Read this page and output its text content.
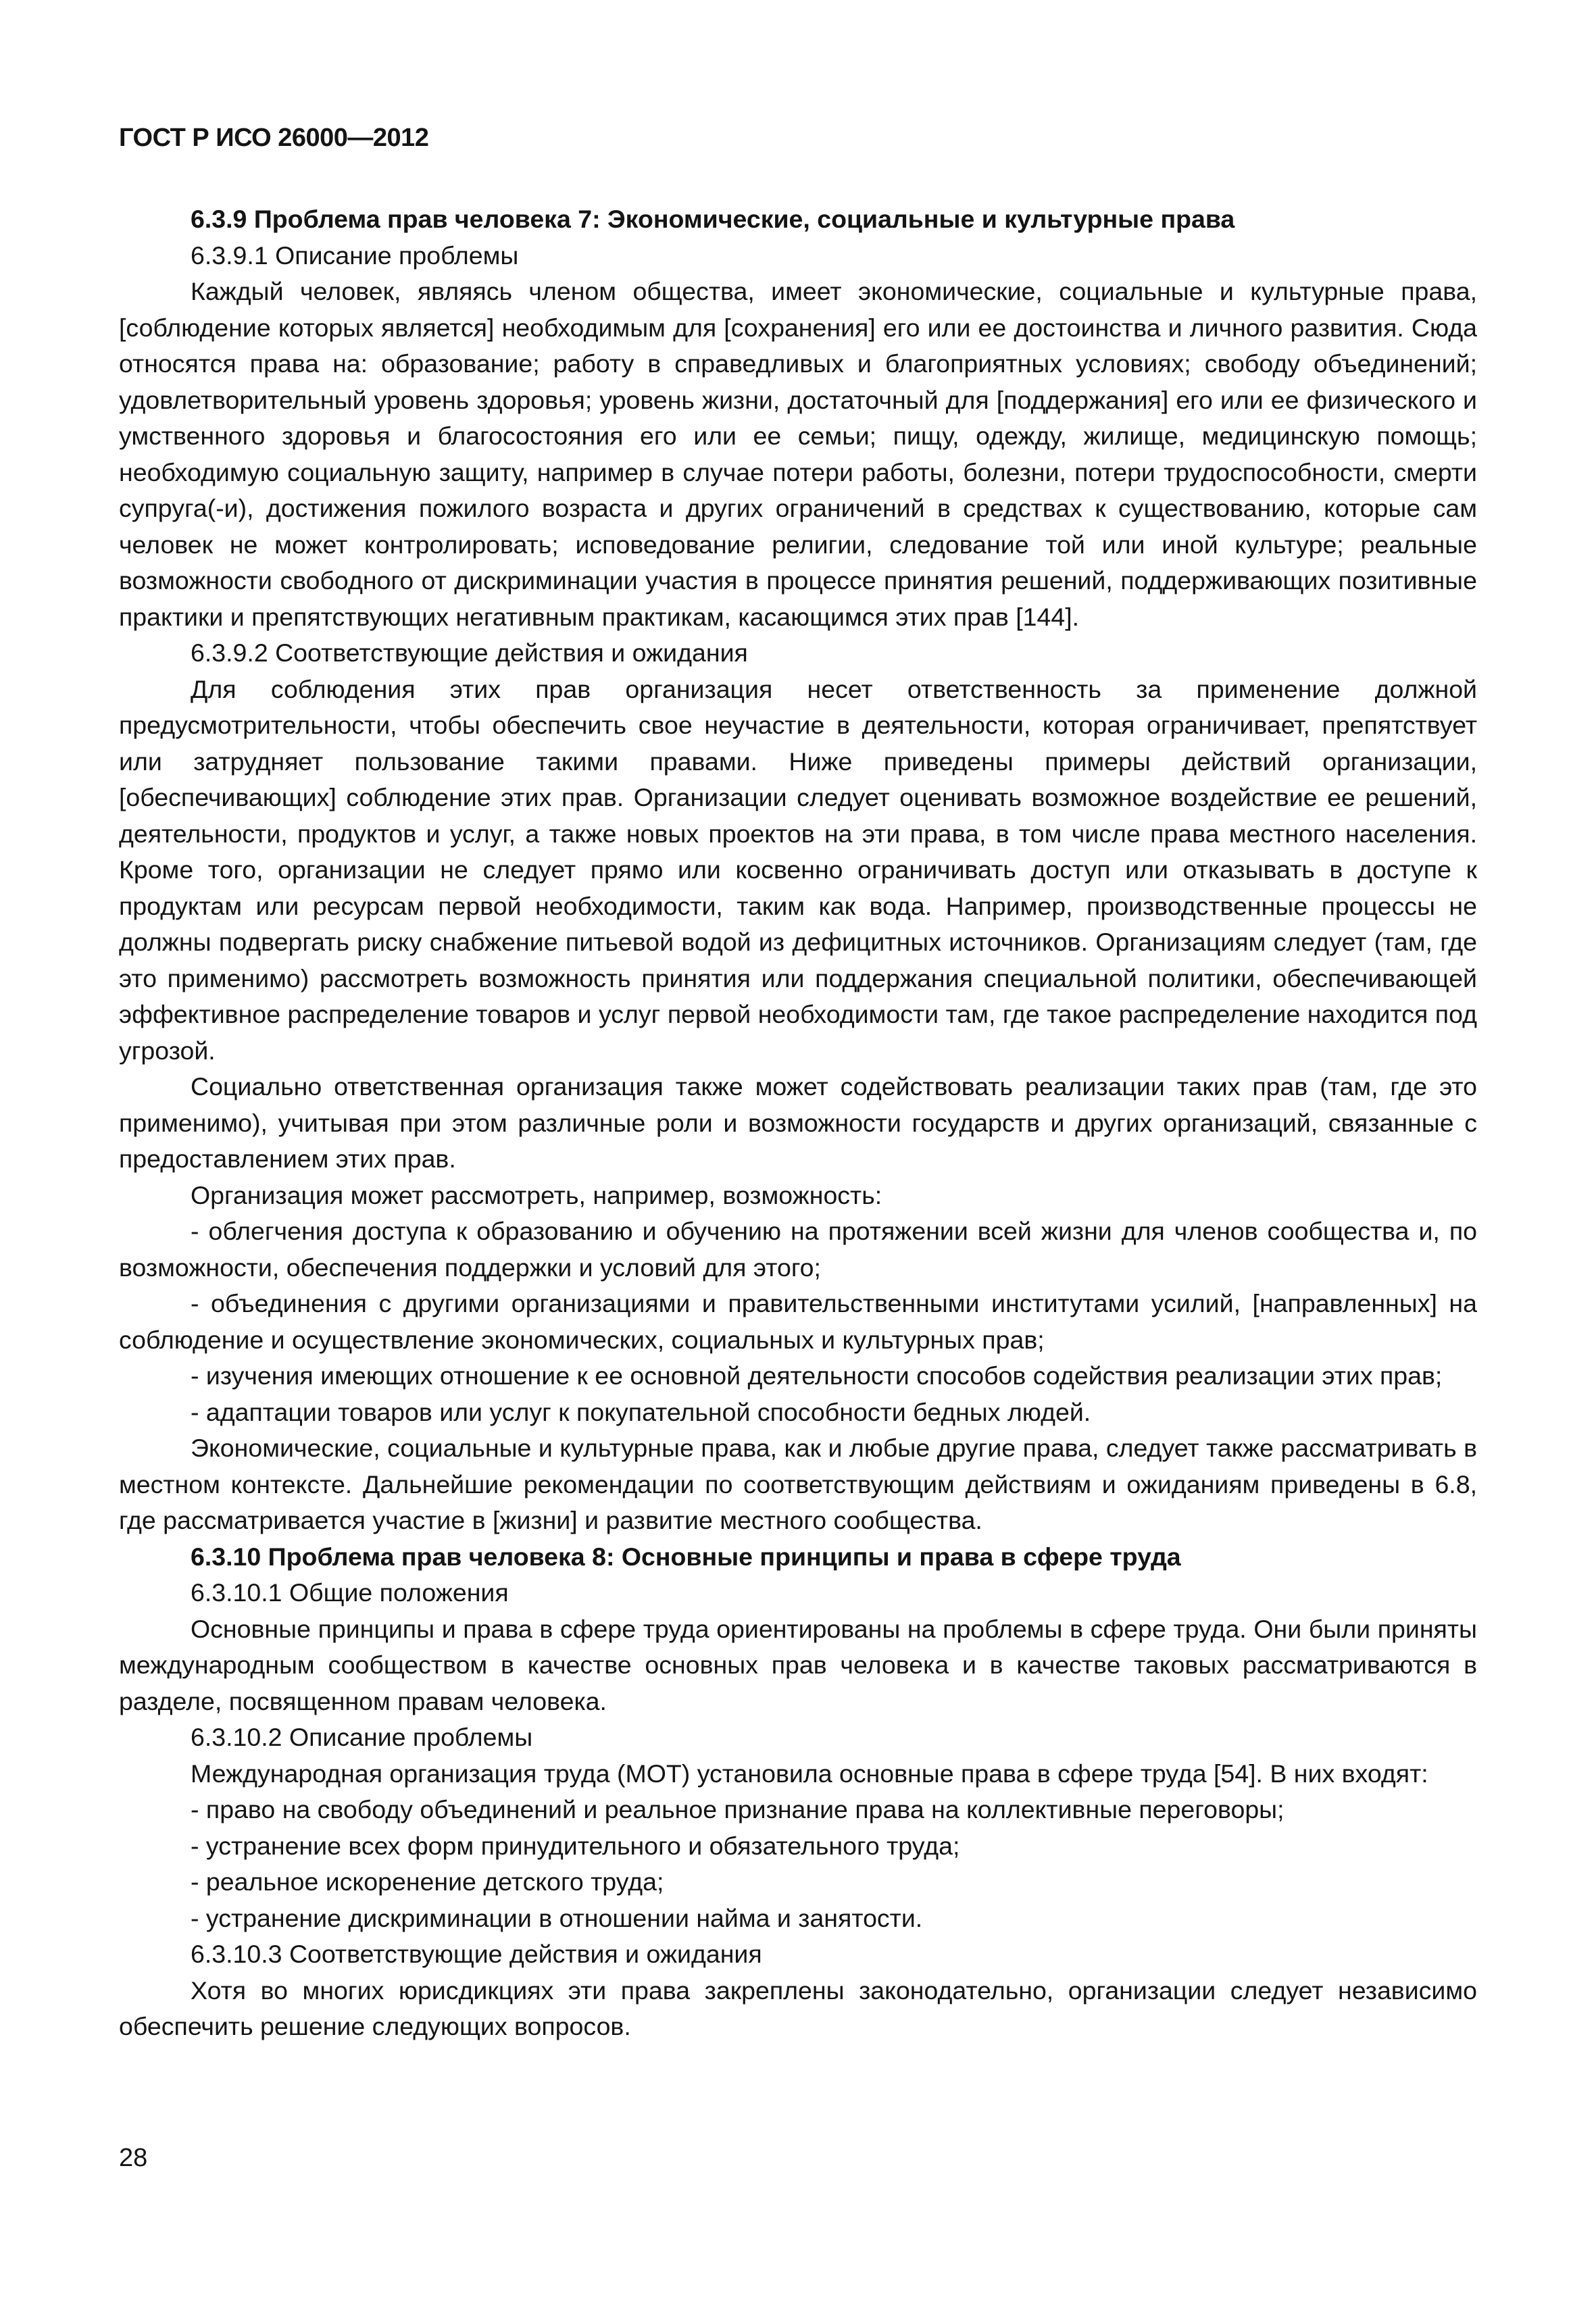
ГОСТ Р ИСО 26000—2012

6.3.9 Проблема прав человека 7: Экономические, социальные и культурные права

6.3.9.1 Описание проблемы

Каждый человек, являясь членом общества, имеет экономические, социальные и культурные права, [соблюдение которых является] необходимым для [сохранения] его или ее достоинства и личного развития. Сюда относятся права на: образование; работу в справедливых и благоприятных условиях; свободу объединений; удовлетворительный уровень здоровья; уровень жизни, достаточный для [поддержания] его или ее физического и умственного здоровья и благосостояния его или ее семьи; пищу, одежду, жилище, медицинскую помощь; необходимую социальную защиту, например в случае потери работы, болезни, потери трудоспособности, смерти супруга(-и), достижения пожилого возраста и других ограничений в средствах к существованию, которые сам человек не может контролировать; исповедование религии, следование той или иной культуре; реальные возможности свободного от дискриминации участия в процессе принятия решений, поддерживающих позитивные практики и препятствующих негативным практикам, касающимся этих прав [144].

6.3.9.2 Соответствующие действия и ожидания

Для соблюдения этих прав организация несет ответственность за применение должной предусмотрительности, чтобы обеспечить свое неучастие в деятельности, которая ограничивает, препятствует или затрудняет пользование такими правами. Ниже приведены примеры действий организации, [обеспечивающих] соблюдение этих прав. Организации следует оценивать возможное воздействие ее решений, деятельности, продуктов и услуг, а также новых проектов на эти права, в том числе права местного населения. Кроме того, организации не следует прямо или косвенно ограничивать доступ или отказывать в доступе к продуктам или ресурсам первой необходимости, таким как вода. Например, производственные процессы не должны подвергать риску снабжение питьевой водой из дефицитных источников. Организациям следует (там, где это применимо) рассмотреть возможность принятия или поддержания специальной политики, обеспечивающей эффективное распределение товаров и услуг первой необходимости там, где такое распределение находится под угрозой.

Социально ответственная организация также может содействовать реализации таких прав (там, где это применимо), учитывая при этом различные роли и возможности государств и других организаций, связанные с предоставлением этих прав.

Организация может рассмотреть, например, возможность:

- облегчения доступа к образованию и обучению на протяжении всей жизни для членов сообщества и, по возможности, обеспечения поддержки и условий для этого;

- объединения с другими организациями и правительственными институтами усилий, [направленных] на соблюдение и осуществление экономических, социальных и культурных прав;

- изучения имеющих отношение к ее основной деятельности способов содействия реализации этих прав;

- адаптации товаров или услуг к покупательной способности бедных людей.

Экономические, социальные и культурные права, как и любые другие права, следует также рассматривать в местном контексте. Дальнейшие рекомендации по соответствующим действиям и ожиданиям приведены в 6.8, где рассматривается участие в [жизни] и развитие местного сообщества.

6.3.10 Проблема прав человека 8: Основные принципы и права в сфере труда

6.3.10.1 Общие положения

Основные принципы и права в сфере труда ориентированы на проблемы в сфере труда. Они были приняты международным сообществом в качестве основных прав человека и в качестве таковых рассматриваются в разделе, посвященном правам человека.

6.3.10.2 Описание проблемы

Международная организация труда (МОТ) установила основные права в сфере труда [54]. В них входят:

- право на свободу объединений и реальное признание права на коллективные переговоры;

- устранение всех форм принудительного и обязательного труда;

- реальное искоренение детского труда;

- устранение дискриминации в отношении найма и занятости.

6.3.10.3 Соответствующие действия и ожидания

Хотя во многих юрисдикциях эти права закреплены законодательно, организации следует независимо обеспечить решение следующих вопросов.

28
